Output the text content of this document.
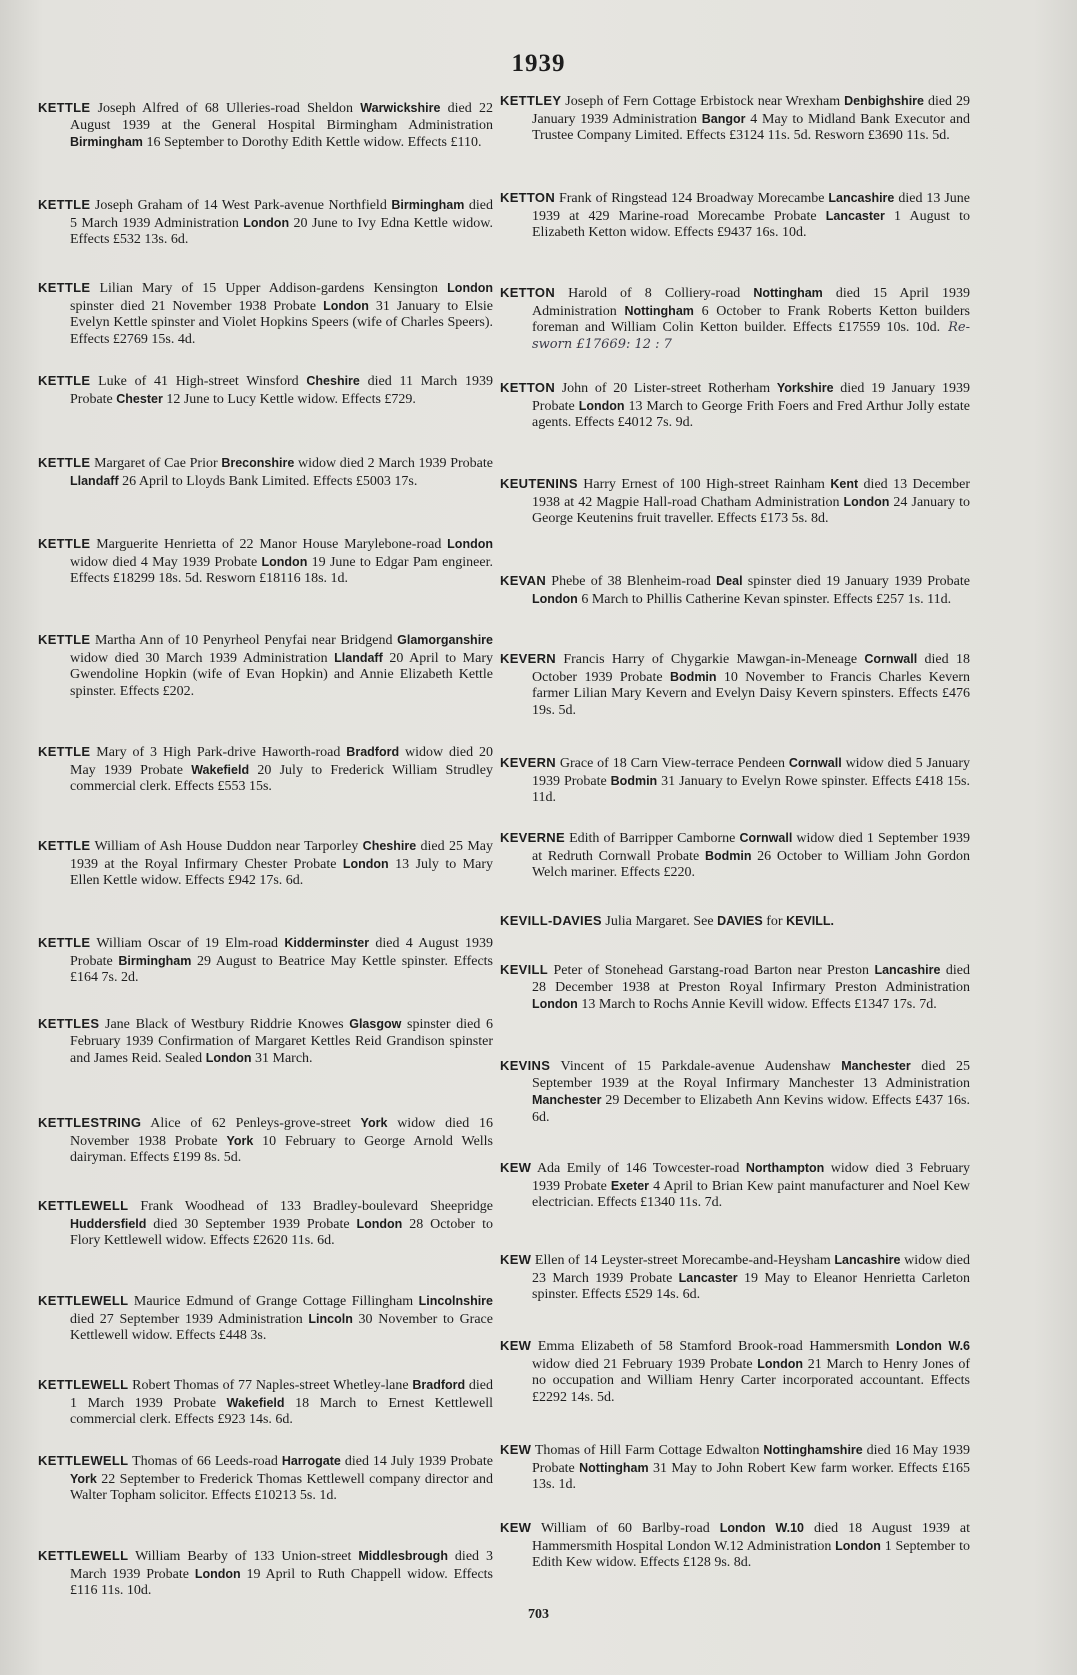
1939
KETTLE Joseph Alfred of 68 Ulleries-road Sheldon Warwickshire died 22 August 1939 at the General Hospital Birmingham Administration Birmingham 16 September to Dorothy Edith Kettle widow. Effects £110.
KETTLE Joseph Graham of 14 West Park-avenue Northfield Birmingham died 5 March 1939 Administration London 20 June to Ivy Edna Kettle widow. Effects £532 13s. 6d.
KETTLE Lilian Mary of 15 Upper Addison-gardens Kensington London spinster died 21 November 1938 Probate London 31 January to Elsie Evelyn Kettle spinster and Violet Hopkins Speers (wife of Charles Speers). Effects £2769 15s. 4d.
KETTLE Luke of 41 High-street Winsford Cheshire died 11 March 1939 Probate Chester 12 June to Lucy Kettle widow. Effects £729.
KETTLE Margaret of Cae Prior Breconshire widow died 2 March 1939 Probate Llandaff 26 April to Lloyds Bank Limited. Effects £5003 17s.
KETTLE Marguerite Henrietta of 22 Manor House Marylebone-road London widow died 4 May 1939 Probate London 19 June to Edgar Pam engineer. Effects £18299 18s. 5d. Resworn £18116 18s. 1d.
KETTLE Martha Ann of 10 Penyrheol Penyfai near Bridgend Glamorganshire widow died 30 March 1939 Administration Llandaff 20 April to Mary Gwendoline Hopkin (wife of Evan Hopkin) and Annie Elizabeth Kettle spinster. Effects £202.
KETTLE Mary of 3 High Park-drive Haworth-road Bradford widow died 20 May 1939 Probate Wakefield 20 July to Frederick William Strudley commercial clerk. Effects £553 15s.
KETTLE William of Ash House Duddon near Tarporley Cheshire died 25 May 1939 at the Royal Infirmary Chester Probate London 13 July to Mary Ellen Kettle widow. Effects £942 17s. 6d.
KETTLE William Oscar of 19 Elm-road Kidderminster died 4 August 1939 Probate Birmingham 29 August to Beatrice May Kettle spinster. Effects £164 7s. 2d.
KETTLES Jane Black of Westbury Riddrie Knowes Glasgow spinster died 6 February 1939 Confirmation of Margaret Kettles Reid Grandison spinster and James Reid. Sealed London 31 March.
KETTLESTRING Alice of 62 Penleys-grove-street York widow died 16 November 1938 Probate York 10 February to George Arnold Wells dairyman. Effects £199 8s. 5d.
KETTLEWELL Frank Woodhead of 133 Bradley-boulevard Sheepridge Huddersfield died 30 September 1939 Probate London 28 October to Flory Kettlewell widow. Effects £2620 11s. 6d.
KETTLEWELL Maurice Edmund of Grange Cottage Fillingham Lincolnshire died 27 September 1939 Administration Lincoln 30 November to Grace Kettlewell widow. Effects £448 3s.
KETTLEWELL Robert Thomas of 77 Naples-street Whetley-lane Bradford died 1 March 1939 Probate Wakefield 18 March to Ernest Kettlewell commercial clerk. Effects £923 14s. 6d.
KETTLEWELL Thomas of 66 Leeds-road Harrogate died 14 July 1939 Probate York 22 September to Frederick Thomas Kettlewell company director and Walter Topham solicitor. Effects £10213 5s. 1d.
KETTLEWELL William Bearby of 133 Union-street Middlesbrough died 3 March 1939 Probate London 19 April to Ruth Chappell widow. Effects £116 11s. 10d.
KETTLEY Joseph of Fern Cottage Erbistock near Wrexham Denbighshire died 29 January 1939 Administration Bangor 4 May to Midland Bank Executor and Trustee Company Limited. Effects £3124 11s. 5d. Resworn £3690 11s. 5d.
KETTON Frank of Ringstead 124 Broadway Morecambe Lancashire died 13 June 1939 at 429 Marine-road Morecambe Probate Lancaster 1 August to Elizabeth Ketton widow. Effects £9437 16s. 10d.
KETTON Harold of 8 Colliery-road Nottingham died 15 April 1939 Administration Nottingham 6 October to Frank Roberts Ketton builders foreman and William Colin Ketton builder. Effects £17559 10s. 10d. Re-sworn £17669: 12 : 7
KETTON John of 20 Lister-street Rotherham Yorkshire died 19 January 1939 Probate London 13 March to George Frith Foers and Fred Arthur Jolly estate agents. Effects £4012 7s. 9d.
KEUTENINS Harry Ernest of 100 High-street Rainham Kent died 13 December 1938 at 42 Magpie Hall-road Chatham Administration London 24 January to George Keutenins fruit traveller. Effects £173 5s. 8d.
KEVAN Phebe of 38 Blenheim-road Deal spinster died 19 January 1939 Probate London 6 March to Phillis Catherine Kevan spinster. Effects £257 1s. 11d.
KEVERN Francis Harry of Chygarkie Mawgan-in-Meneage Cornwall died 18 October 1939 Probate Bodmin 10 November to Francis Charles Kevern farmer Lilian Mary Kevern and Evelyn Daisy Kevern spinsters. Effects £476 19s. 5d.
KEVERN Grace of 18 Carn View-terrace Pendeen Cornwall widow died 5 January 1939 Probate Bodmin 31 January to Evelyn Rowe spinster. Effects £418 15s. 11d.
KEVERNE Edith of Barripper Camborne Cornwall widow died 1 September 1939 at Redruth Cornwall Probate Bodmin 26 October to William John Gordon Welch mariner. Effects £220.
KEVILL-DAVIES Julia Margaret. See DAVIES for KEVILL.
KEVILL Peter of Stonehead Garstang-road Barton near Preston Lancashire died 28 December 1938 at Preston Royal Infirmary Preston Administration London 13 March to Rochs Annie Kevill widow. Effects £1347 17s. 7d.
KEVINS Vincent of 15 Parkdale-avenue Audenshaw Manchester died 25 September 1939 at the Royal Infirmary Manchester 13 Administration Manchester 29 December to Elizabeth Ann Kevins widow. Effects £437 16s. 6d.
KEW Ada Emily of 146 Towcester-road Northampton widow died 3 February 1939 Probate Exeter 4 April to Brian Kew paint manufacturer and Noel Kew electrician. Effects £1340 11s. 7d.
KEW Ellen of 14 Leyster-street Morecambe-and-Heysham Lancashire widow died 23 March 1939 Probate Lancaster 19 May to Eleanor Henrietta Carleton spinster. Effects £529 14s. 6d.
KEW Emma Elizabeth of 58 Stamford Brook-road Hammersmith London W.6 widow died 21 February 1939 Probate London 21 March to Henry Jones of no occupation and William Henry Carter incorporated accountant. Effects £2292 14s. 5d.
KEW Thomas of Hill Farm Cottage Edwalton Nottinghamshire died 16 May 1939 Probate Nottingham 31 May to John Robert Kew farm worker. Effects £165 13s. 1d.
KEW William of 60 Barlby-road London W.10 died 18 August 1939 at Hammersmith Hospital London W.12 Administration London 1 September to Edith Kew widow. Effects £128 9s. 8d.
703
